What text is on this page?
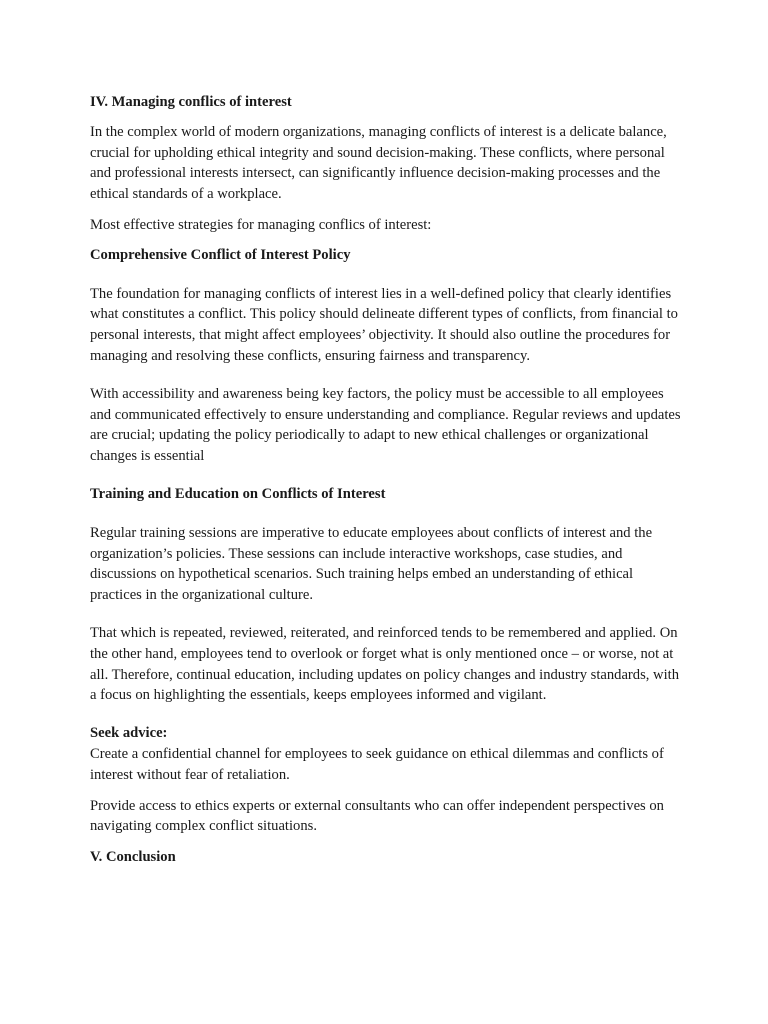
IV. Managing conflics of interest

In the complex world of modern organizations, managing conflicts of interest is a delicate balance, crucial for upholding ethical integrity and sound decision-making. These conflicts, where personal and professional interests intersect, can significantly influence decision-making processes and the ethical standards of a workplace.

Most effective strategies for managing conflics of interest:

Comprehensive Conflict of Interest Policy

The foundation for managing conflicts of interest lies in a well-defined policy that clearly identifies what constitutes a conflict. This policy should delineate different types of conflicts, from financial to personal interests, that might affect employees’ objectivity. It should also outline the procedures for managing and resolving these conflicts, ensuring fairness and transparency.

With accessibility and awareness being key factors, the policy must be accessible to all employees and communicated effectively to ensure understanding and compliance. Regular reviews and updates are crucial; updating the policy periodically to adapt to new ethical challenges or organizational changes is essential

Training and Education on Conflicts of Interest

Regular training sessions are imperative to educate employees about conflicts of interest and the organization’s policies. These sessions can include interactive workshops, case studies, and discussions on hypothetical scenarios. Such training helps embed an understanding of ethical practices in the organizational culture.

That which is repeated, reviewed, reiterated, and reinforced tends to be remembered and applied. On the other hand, employees tend to overlook or forget what is only mentioned once – or worse, not at all. Therefore, continual education, including updates on policy changes and industry standards, with a focus on highlighting the essentials, keeps employees informed and vigilant.

Seek advice:

Create a confidential channel for employees to seek guidance on ethical dilemmas and conflicts of interest without fear of retaliation.

Provide access to ethics experts or external consultants who can offer independent perspectives on navigating complex conflict situations.

V. Conclusion
